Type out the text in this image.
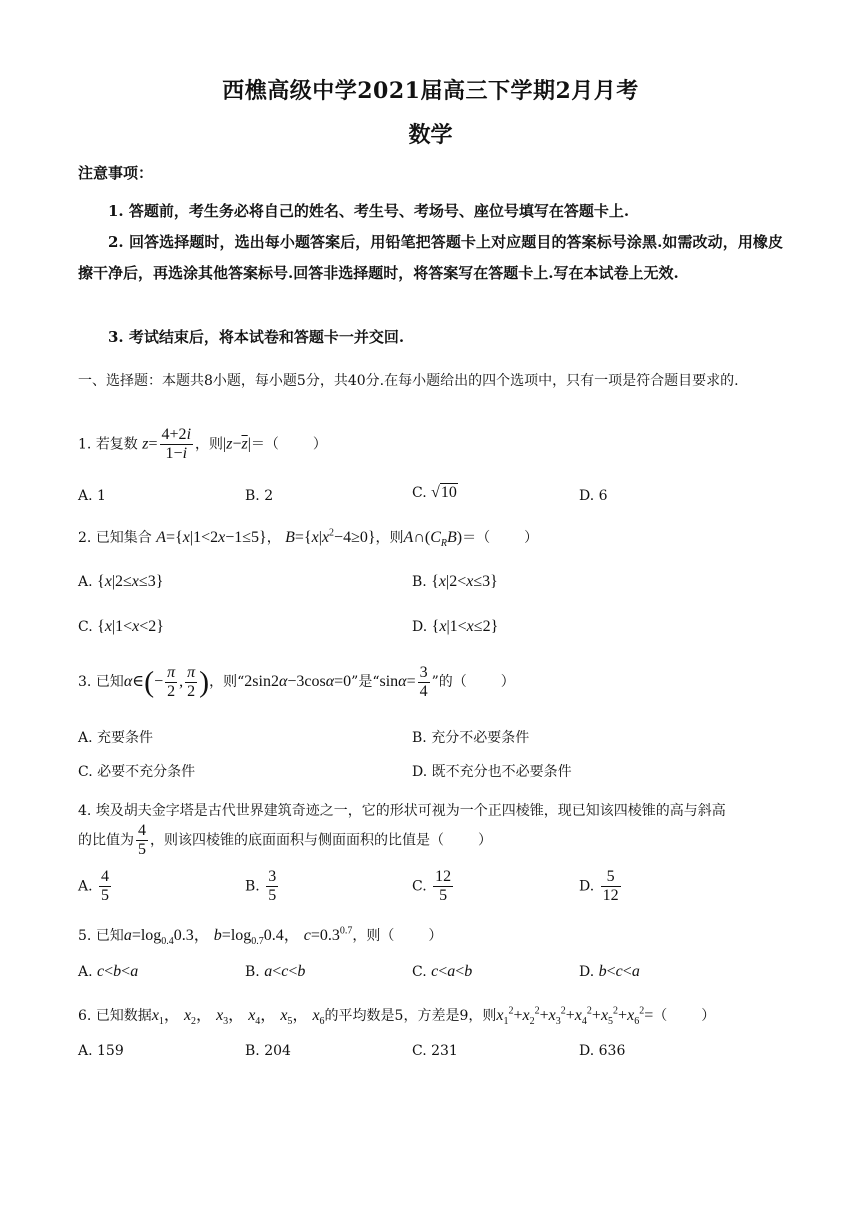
西樵高级中学2021届高三下学期2月月考
数学
注意事项：
1. 答题前，考生务必将自己的姓名、考生号、考场号、座位号填写在答题卡上.
2. 回答选择题时，选出每小题答案后，用铅笔把答题卡上对应题目的答案标号涂黑.如需改动，用橡皮擦干净后，再选涂其他答案标号.回答非选择题时，将答案写在答题卡上.写在本试卷上无效.
3. 考试结束后，将本试卷和答题卡一并交回.
一、选择题：本题共8小题，每小题5分，共40分.在每小题给出的四个选项中，只有一项是符合题目要求的.
1. 若复数 $z= \frac{4+2i}{1-i}$ ，则$|z-\overline{z}|=$（ ）
A. 1	B. 2	C. √10	D. 6
2. 已知集合 A={x|1<2x−1≤5}， $B=\{x|x^2-4\ge 0\}$，则$A\cap(C_RB)=$（ ）
A. {x|2≤x≤3}	B. {x|2<x≤3}
C. {x|1<x<2}	D. {x|1<x≤2}
3. 已知α∈(− $\frac{\pi}{2}$ , $\frac{\pi}{2}$ )，则“2sin2α−3cosα=0”是“$\sin\alpha= \frac{3}{4}$ ”的（ ）
A. 充要条件	B. 充分不必要条件
C. 必要不充分条件	D. 既不充分也不必要条件
4. 埃及胡夫金字塔是古代世界建筑奇迹之一，它的形状可视为一个正四棱锥，现已知该四棱锥的高与斜高
的比值为 $\frac{4}{5}$ ，则该四棱锥的底面面积与侧面面积的比值是（ ）
A. $\frac{4}{5}$	B. $\frac{3}{5}$	C. $\frac{12}{5}$	D. $\frac{5}{12}$
5. 已知$a=\log_{0.4}0.3$， $b=\log_{0.7}0.4$， $c=0.3^{0.7}$，则（ ）
A. c<b<a	B. a<c<b	C. c<a<b	D. b<c<a
6. 已知数据$x_1$， $x_2$， $x_3$， $x_4$， $x_5$， $x_6$的平均数是5，方差是9，则$x_1^2+x_2^2+x_3^2+x_4^2+x_5^2+x_6^2=$（ ）
A. 159	B. 204	C. 231	D. 636
